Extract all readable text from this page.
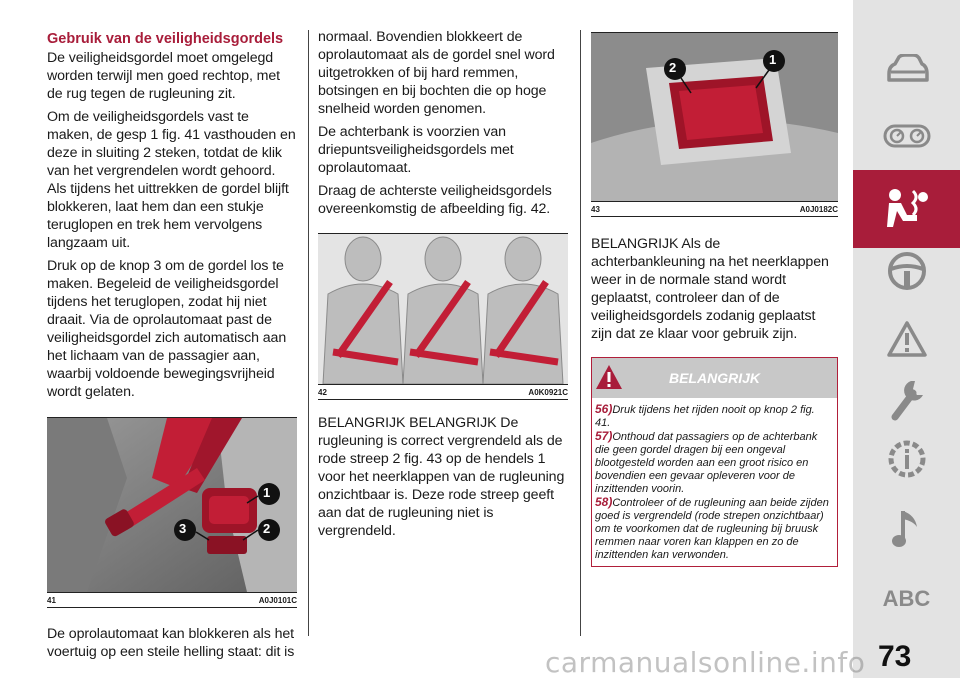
Gebruik van de veiligheidsgordels

De veiligheidsgordel moet omgelegd worden terwijl men goed rechtop, met de rug tegen de rugleuning zit.

Om de veiligheidsgordels vast te maken, de gesp 1 fig. 41 vasthouden en deze in sluiting 2 steken, totdat de klik van het vergrendelen wordt gehoord. Als tijdens het uittrekken de gordel blijft blokkeren, laat hem dan een stukje teruglopen en trek hem vervolgens langzaam uit.

Druk op de knop 3 om de gordel los te maken. Begeleid de veiligheidsgordel tijdens het teruglopen, zodat hij niet draait. Via de oprolautomaat past de veiligheidsgordel zich automatisch aan het lichaam van de passagier aan, waarbij voldoende bewegingsvrijheid wordt gelaten.

1
2
3
41	A0J0101C

De oprolautomaat kan blokkeren als het voertuig op een steile helling staat: dit is

normaal. Bovendien blokkeert de oprolautomaat als de gordel snel word uitgetrokken of bij hard remmen, botsingen en bij bochten die op hoge snelheid worden genomen.

De achterbank is voorzien van driepuntsveiligheidsgordels met oprolautomaat.

Draag de achterste veiligheidsgordels overeenkomstig de afbeelding fig. 42.

42	A0K0921C

BELANGRIJK BELANGRIJK De rugleuning is correct vergrendeld als de rode streep 2 fig. 43 op de hendels 1 voor het neerklappen van de rugleuning onzichtbaar is. Deze rode streep geeft aan dat de rugleuning niet is vergrendeld.

2
1
43	A0J0182C

BELANGRIJK Als de achterbankleuning na het neerklappen weer in de normale stand wordt geplaatst, controleer dan of de veiligheidsgordels zodanig geplaatst zijn dat ze klaar voor gebruik zijn.

BELANGRIJK
56)Druk tijdens het rijden nooit op knop 2 fig. 41.
57)Onthoud dat passagiers op de achterbank die geen gordel dragen bij een ongeval blootgesteld worden aan een groot risico en bovendien een gevaar opleveren voor de inzittenden voorin.
58)Controleer of de rugleuning aan beide zijden goed is vergrendeld (rode strepen onzichtbaar) om te voorkomen dat de rugleuning bij bruusk remmen naar voren kan klappen en zo de inzittenden kan verwonden.
ABC
73
carmanualsonline.info
